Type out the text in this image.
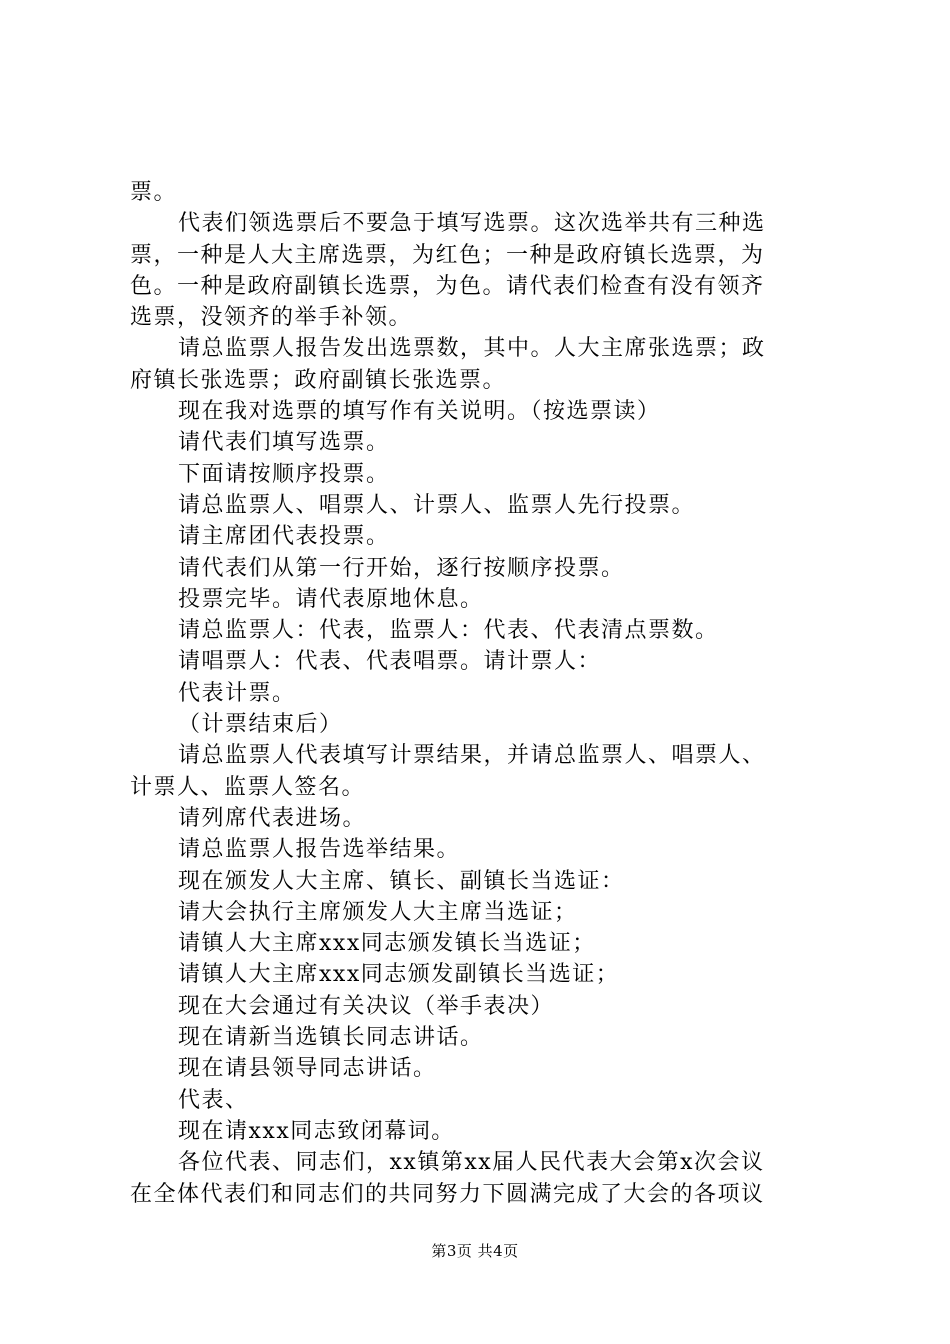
票。
代表们领选票后不要急于填写选票。这次选举共有三种选
票，一种是人大主席选票，为红色；一种是政府镇长选票，为
色。一种是政府副镇长选票，为色。请代表们检查有没有领齐
选票，没领齐的举手补领。
请总监票人报告发出选票数，其中。人大主席张选票；政
府镇长张选票；政府副镇长张选票。
现在我对选票的填写作有关说明。（按选票读）
请代表们填写选票。
下面请按顺序投票。
请总监票人、唱票人、计票人、监票人先行投票。
请主席团代表投票。
请代表们从第一行开始，逐行按顺序投票。
投票完毕。请代表原地休息。
请总监票人：代表，监票人：代表、代表清点票数。
请唱票人：代表、代表唱票。请计票人：
代表计票。
（计票结束后）
请总监票人代表填写计票结果，并请总监票人、唱票人、
计票人、监票人签名。
请列席代表进场。
请总监票人报告选举结果。
现在颁发人大主席、镇长、副镇长当选证：
请大会执行主席颁发人大主席当选证；
请镇人大主席xxx同志颁发镇长当选证；
请镇人大主席xxx同志颁发副镇长当选证；
现在大会通过有关决议（举手表决）
现在请新当选镇长同志讲话。
现在请县领导同志讲话。
代表、
现在请xxx同志致闭幕词。
各位代表、同志们，xx镇第xx届人民代表大会第x次会议
在全体代表们和同志们的共同努力下圆满完成了大会的各项议
第3页 共4页
